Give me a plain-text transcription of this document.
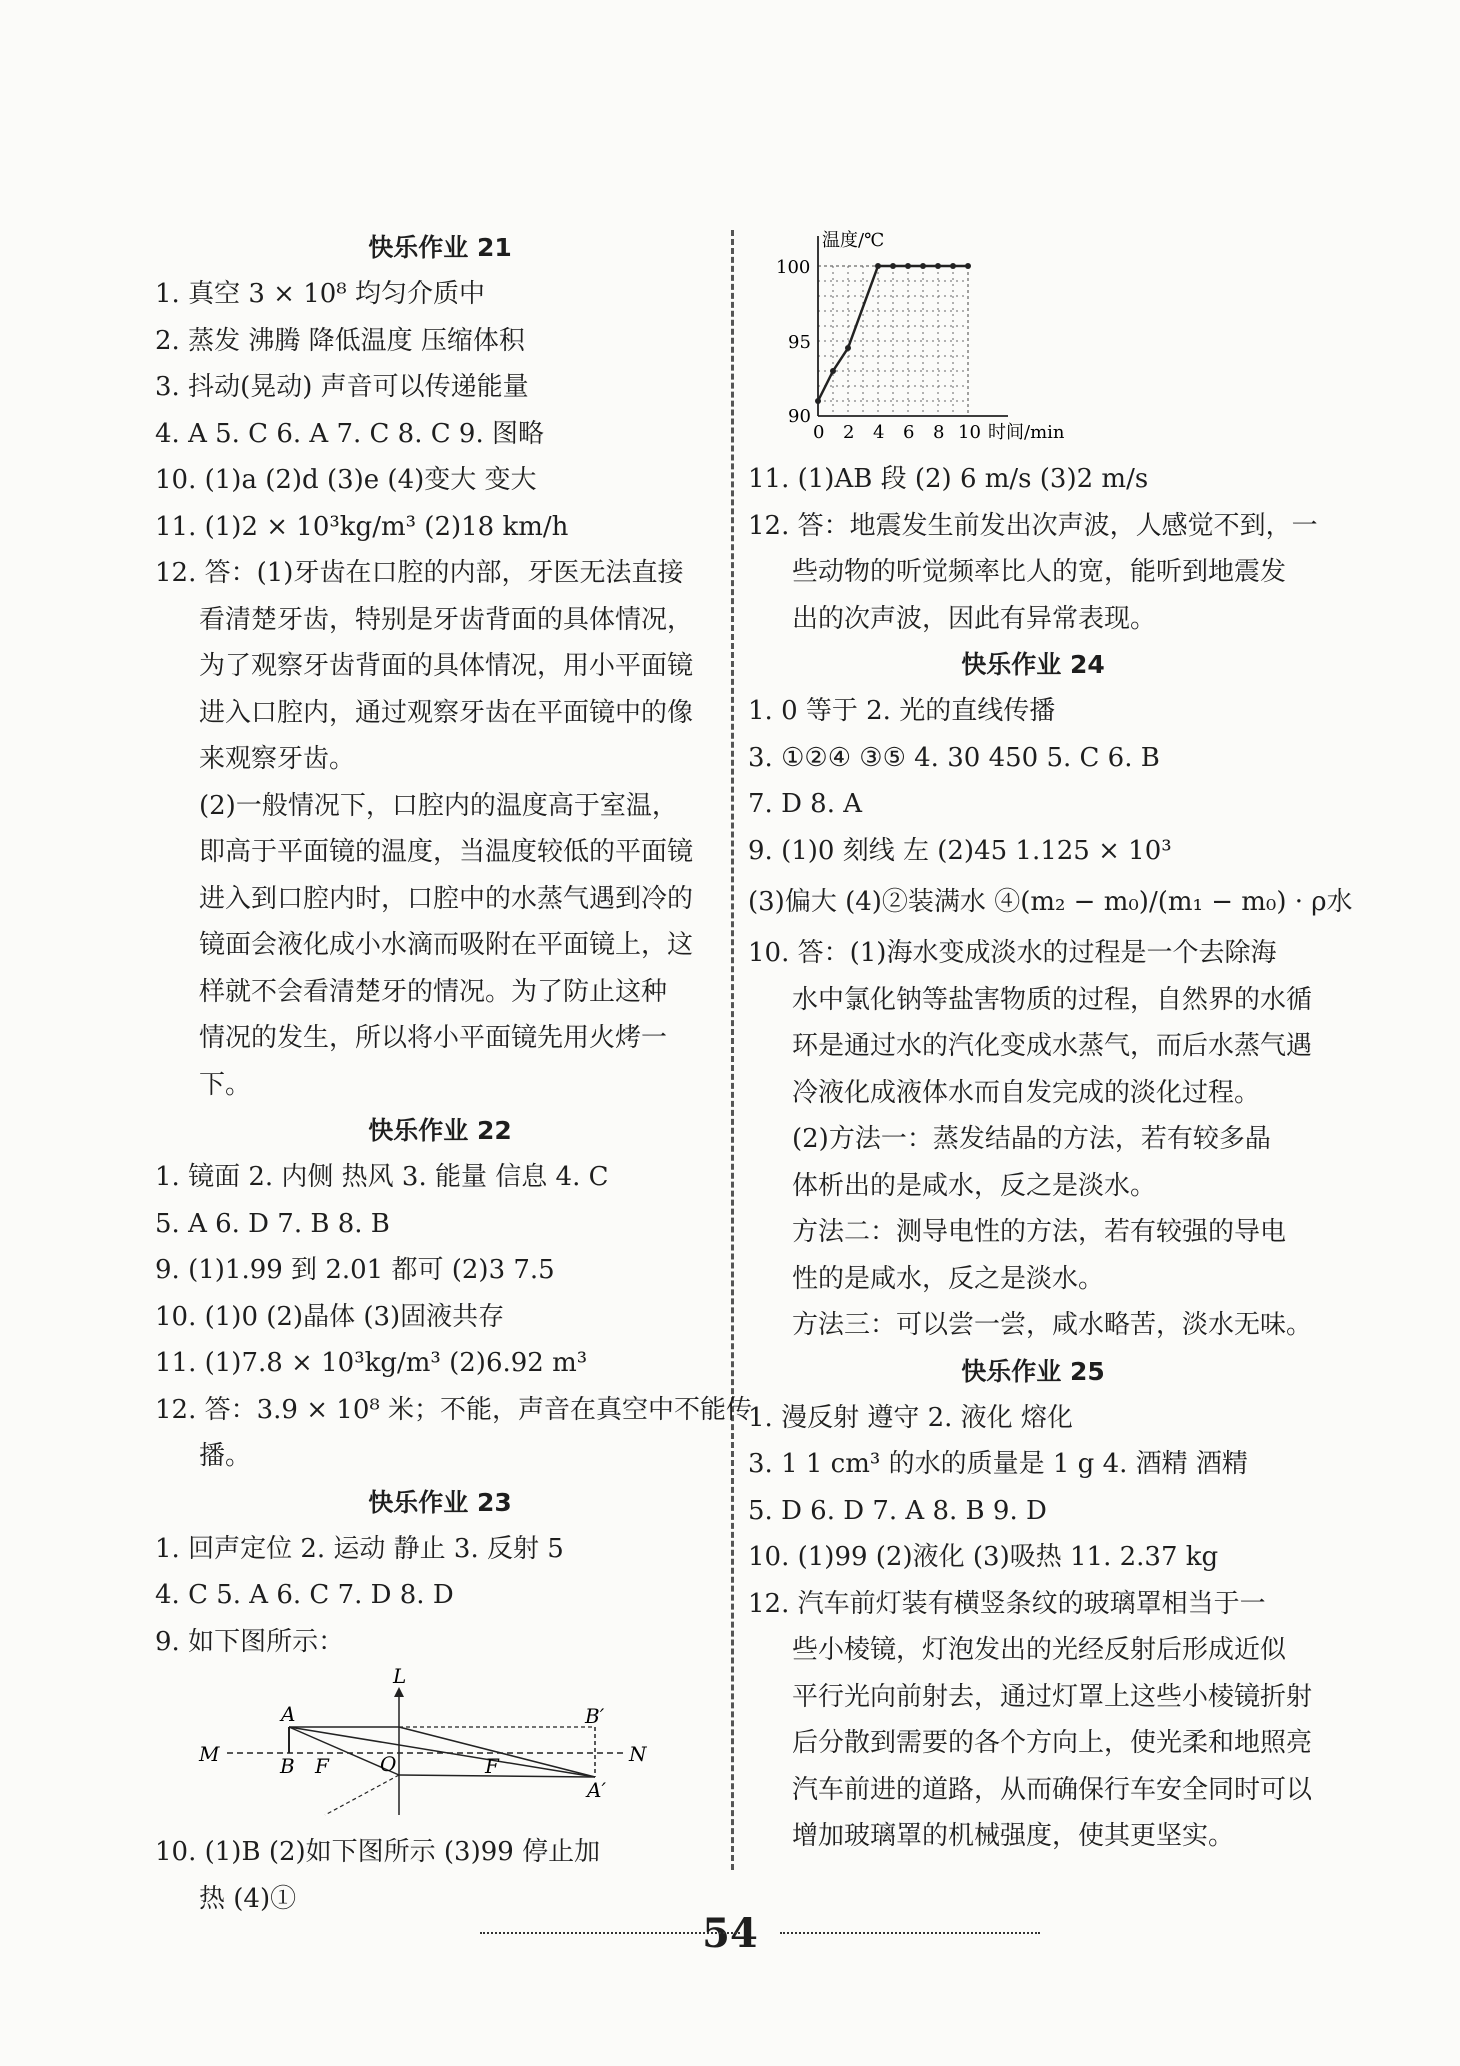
快乐作业 21
1. 真空 3 × 10⁸ 均匀介质中
2. 蒸发 沸腾 降低温度 压缩体积
3. 抖动(晃动) 声音可以传递能量
4. A 5. C 6. A 7. C 8. C 9. 图略
10. (1)a (2)d (3)e (4)变大 变大
11. (1)2 × 10³kg/m³ (2)18 km/h
12. 答：(1)牙齿在口腔的内部，牙医无法直接
看清楚牙齿，特别是牙齿背面的具体情况，
为了观察牙齿背面的具体情况，用小平面镜
进入口腔内，通过观察牙齿在平面镜中的像
来观察牙齿。
(2)一般情况下，口腔内的温度高于室温，
即高于平面镜的温度，当温度较低的平面镜
进入到口腔内时，口腔中的水蒸气遇到冷的
镜面会液化成小水滴而吸附在平面镜上，这
样就不会看清楚牙的情况。为了防止这种
情况的发生，所以将小平面镜先用火烤一
下。
快乐作业 22
1. 镜面 2. 内侧 热风 3. 能量 信息 4. C
5. A 6. D 7. B 8. B
9. (1)1.99 到 2.01 都可 (2)3 7.5
10. (1)0 (2)晶体 (3)固液共存
11. (1)7.8 × 10³kg/m³ (2)6.92 m³
12. 答：3.9 × 10⁸ 米；不能，声音在真空中不能传
播。
快乐作业 23
1. 回声定位 2. 运动 静止 3. 反射 5
4. C 5. A 6. C 7. D 8. D
9. 如下图所示：
L
A	B′
M	B F	O	F	N
A′
10. (1)B (2)如下图所示 (3)99 停止加
热 (4)①
温度/℃
100
95
90
0 2 4 6 8 10 时间/min
11. (1)AB 段 (2) 6 m/s (3)2 m/s
12. 答：地震发生前发出次声波，人感觉不到，一
些动物的听觉频率比人的宽，能听到地震发
出的次声波，因此有异常表现。
快乐作业 24
1. 0 等于 2. 光的直线传播
3. ①②④ ③⑤ 4. 30 450 5. C 6. B
7. D 8. A
9. (1)0 刻线 左 (2)45 1.125 × 10³
(3)偏大 (4)②装满水 ④(m₂ − m₀)/(m₁ − m₀) · ρ水
10. 答：(1)海水变成淡水的过程是一个去除海
水中氯化钠等盐害物质的过程，自然界的水循
环是通过水的汽化变成水蒸气，而后水蒸气遇
冷液化成液体水而自发完成的淡化过程。
(2)方法一：蒸发结晶的方法，若有较多晶
体析出的是咸水，反之是淡水。
方法二：测导电性的方法，若有较强的导电
性的是咸水，反之是淡水。
方法三：可以尝一尝，咸水略苦，淡水无味。
快乐作业 25
1. 漫反射 遵守 2. 液化 熔化
3. 1 1 cm³ 的水的质量是 1 g 4. 酒精 酒精
5. D 6. D 7. A 8. B 9. D
10. (1)99 (2)液化 (3)吸热 11. 2.37 kg
12. 汽车前灯装有横竖条纹的玻璃罩相当于一
些小棱镜，灯泡发出的光经反射后形成近似
平行光向前射去，通过灯罩上这些小棱镜折射
后分散到需要的各个方向上，使光柔和地照亮
汽车前进的道路，从而确保行车安全同时可以
增加玻璃罩的机械强度，使其更坚实。
54
